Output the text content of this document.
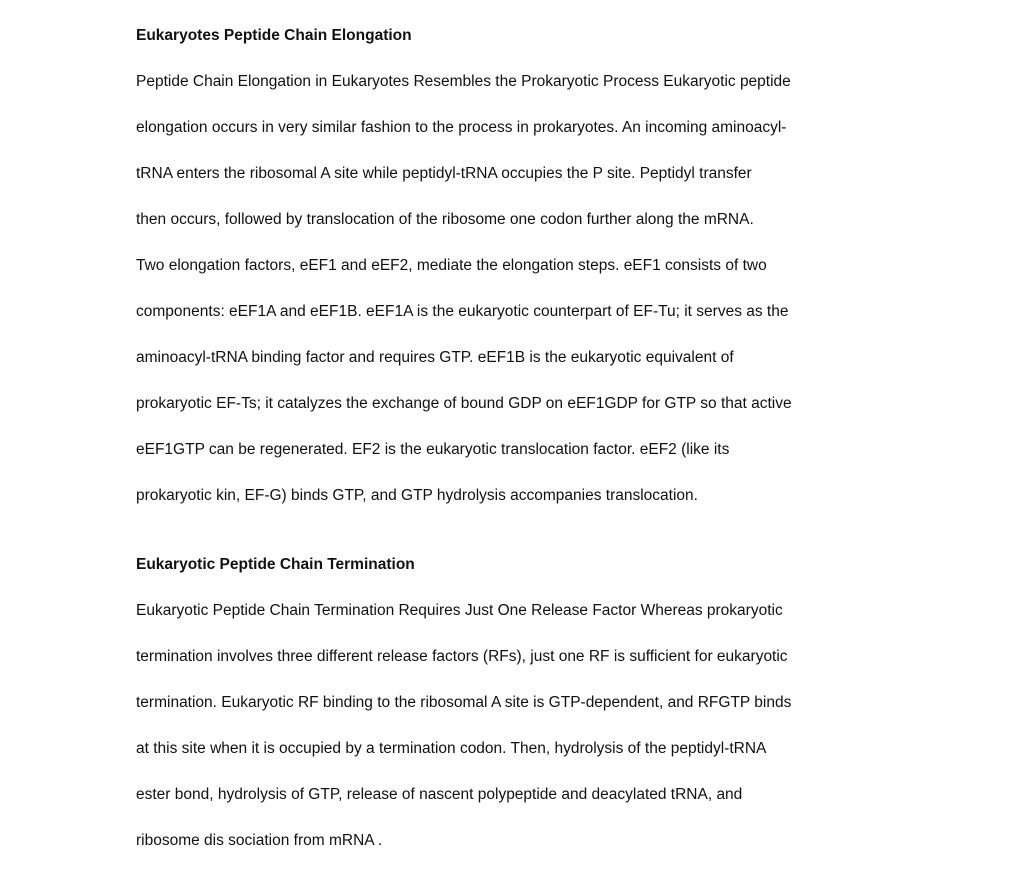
Eukaryotes Peptide Chain Elongation

Peptide Chain Elongation in Eukaryotes Resembles the Prokaryotic Process Eukaryotic peptide

elongation occurs in very similar fashion to the process in prokaryotes. An incoming aminoacyl-

tRNA enters the ribosomal A site while peptidyl-tRNA occupies the P site. Peptidyl transfer

then occurs, followed by translocation of the ribosome one codon further along the mRNA.

Two elongation factors, eEF1 and eEF2, mediate the elongation steps. eEF1 consists of two

components: eEF1A and eEF1B. eEF1A is the eukaryotic counterpart of EF-Tu; it serves as the

aminoacyl-tRNA binding factor and requires GTP. eEF1B is the eukaryotic equivalent of

prokaryotic EF-Ts; it catalyzes the exchange of bound GDP on eEF1GDP for GTP so that active

eEF1GTP can be regenerated. EF2 is the eukaryotic translocation factor. eEF2 (like its

prokaryotic kin, EF-G) binds GTP, and GTP hydrolysis accompanies translocation.

Eukaryotic Peptide Chain Termination

Eukaryotic Peptide Chain Termination Requires Just One Release Factor Whereas prokaryotic

termination involves three different release factors (RFs), just one RF is sufficient for eukaryotic

termination. Eukaryotic RF binding to the ribosomal A site is GTP-dependent, and RFGTP binds

at this site when it is occupied by a termination codon. Then, hydrolysis of the peptidyl-tRNA

ester bond, hydrolysis of GTP, release of nascent polypeptide and deacylated tRNA, and

ribosome dis sociation from mRNA .
